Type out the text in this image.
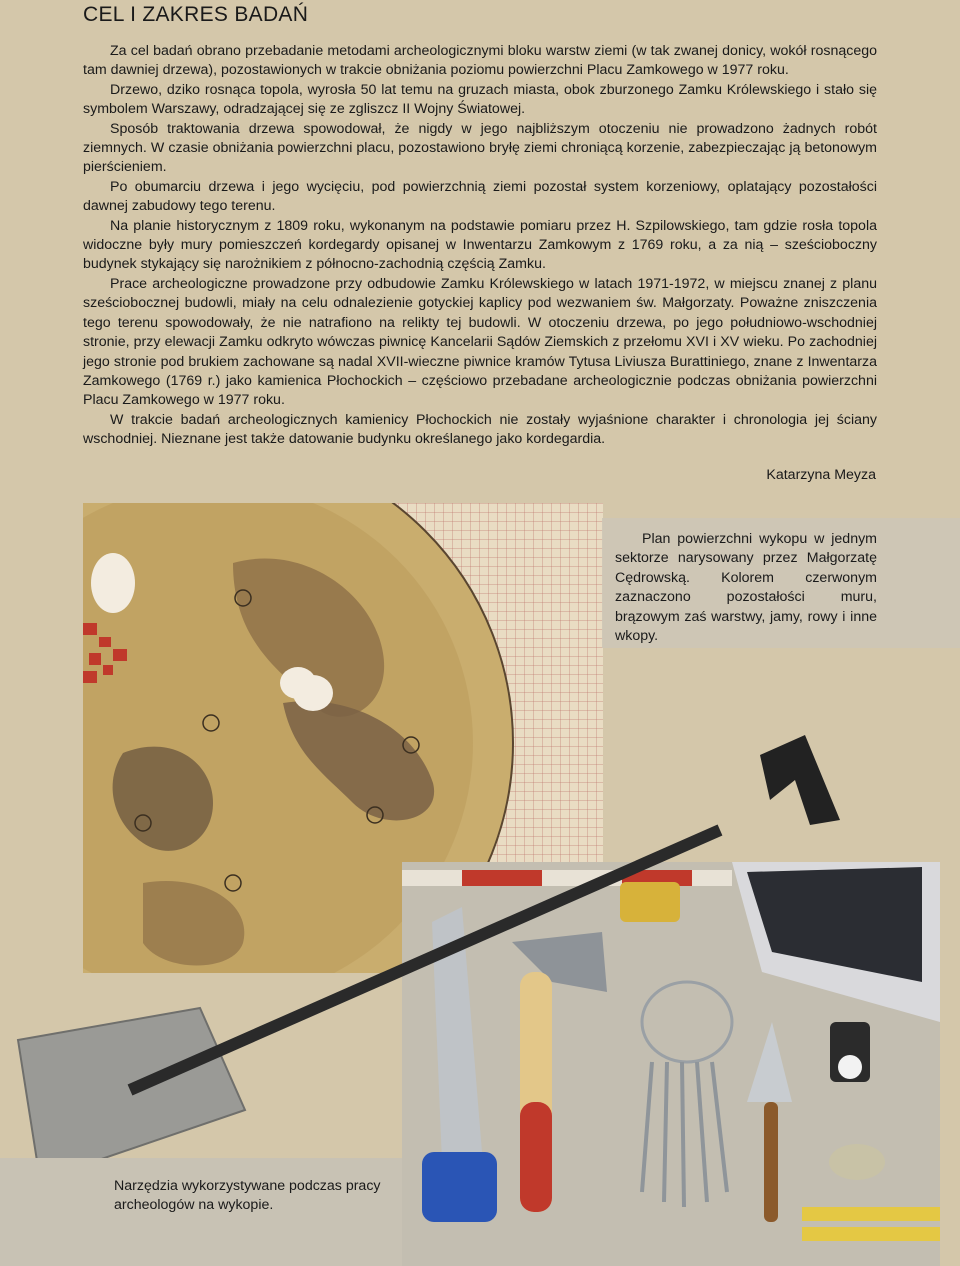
CEL I ZAKRES BADAŃ

Za cel badań obrano przebadanie metodami archeologicznymi bloku warstw ziemi (w tak zwanej donicy, wokół rosnącego tam dawniej drzewa), pozostawionych w trakcie obniżania poziomu powierzchni Placu Zamkowego w 1977 roku.

Drzewo, dziko rosnąca topola, wyrosła 50 lat temu na gruzach miasta, obok zburzonego Zamku Królewskiego i stało się symbolem Warszawy, odradzającej się ze zgliszcz II Wojny Światowej.

Sposób traktowania drzewa spowodował, że nigdy w jego najbliższym otoczeniu nie prowadzono żadnych robót ziemnych. W czasie obniżania powierzchni placu, pozostawiono bryłę ziemi chroniącą korzenie, zabezpieczając ją betonowym pierścieniem.

Po obumarciu drzewa i jego wycięciu, pod powierzchnią ziemi pozostał system korzeniowy, oplatający pozostałości dawnej zabudowy tego terenu.

Na planie historycznym z 1809 roku, wykonanym na podstawie pomiaru przez H. Szpilowskiego, tam gdzie rosła topola widoczne były mury pomieszczeń kordegardy opisanej w Inwentarzu Zamkowym z 1769 roku, a za nią – sześcioboczny budynek stykający się narożnikiem z północno-zachodnią częścią Zamku.

Prace archeologiczne prowadzone przy odbudowie Zamku Królewskiego w latach 1971-1972, w miejscu znanej z planu sześciobocznej budowli, miały na celu odnalezienie gotyckiej kaplicy pod wezwaniem św. Małgorzaty. Poważne zniszczenia tego terenu spowodowały, że nie natrafiono na relikty tej budowli. W otoczeniu drzewa, po jego południowo-wschodniej stronie, przy elewacji Zamku odkryto wówczas piwnicę Kancelarii Sądów Ziemskich z przełomu XVI i XV wieku. Po zachodniej jego stronie pod brukiem zachowane są nadal XVII-wieczne piwnice kramów Tytusa Liviusza Burattiniego, znane z Inwentarza Zamkowego (1769 r.) jako kamienica Płochockich – częściowo przebadane archeologicznie podczas obniżania powierzchni Placu Zamkowego w 1977 roku.

W trakcie badań archeologicznych kamienicy Płochockich nie zostały wyjaśnione charakter i chronologia jej ściany wschodniej. Nieznane jest także datowanie budynku określanego jako kordegardia.

Katarzyna Meyza
Plan powierzchni wykopu w jednym sektorze narysowany przez Małgorzatę Cędrowską. Kolorem czerwonym zaznaczono pozostałości muru, brązowym zaś warstwy, jamy, rowy i inne wkopy.
Narzędzia wykorzystywane podczas pracy archeologów na wykopie.
